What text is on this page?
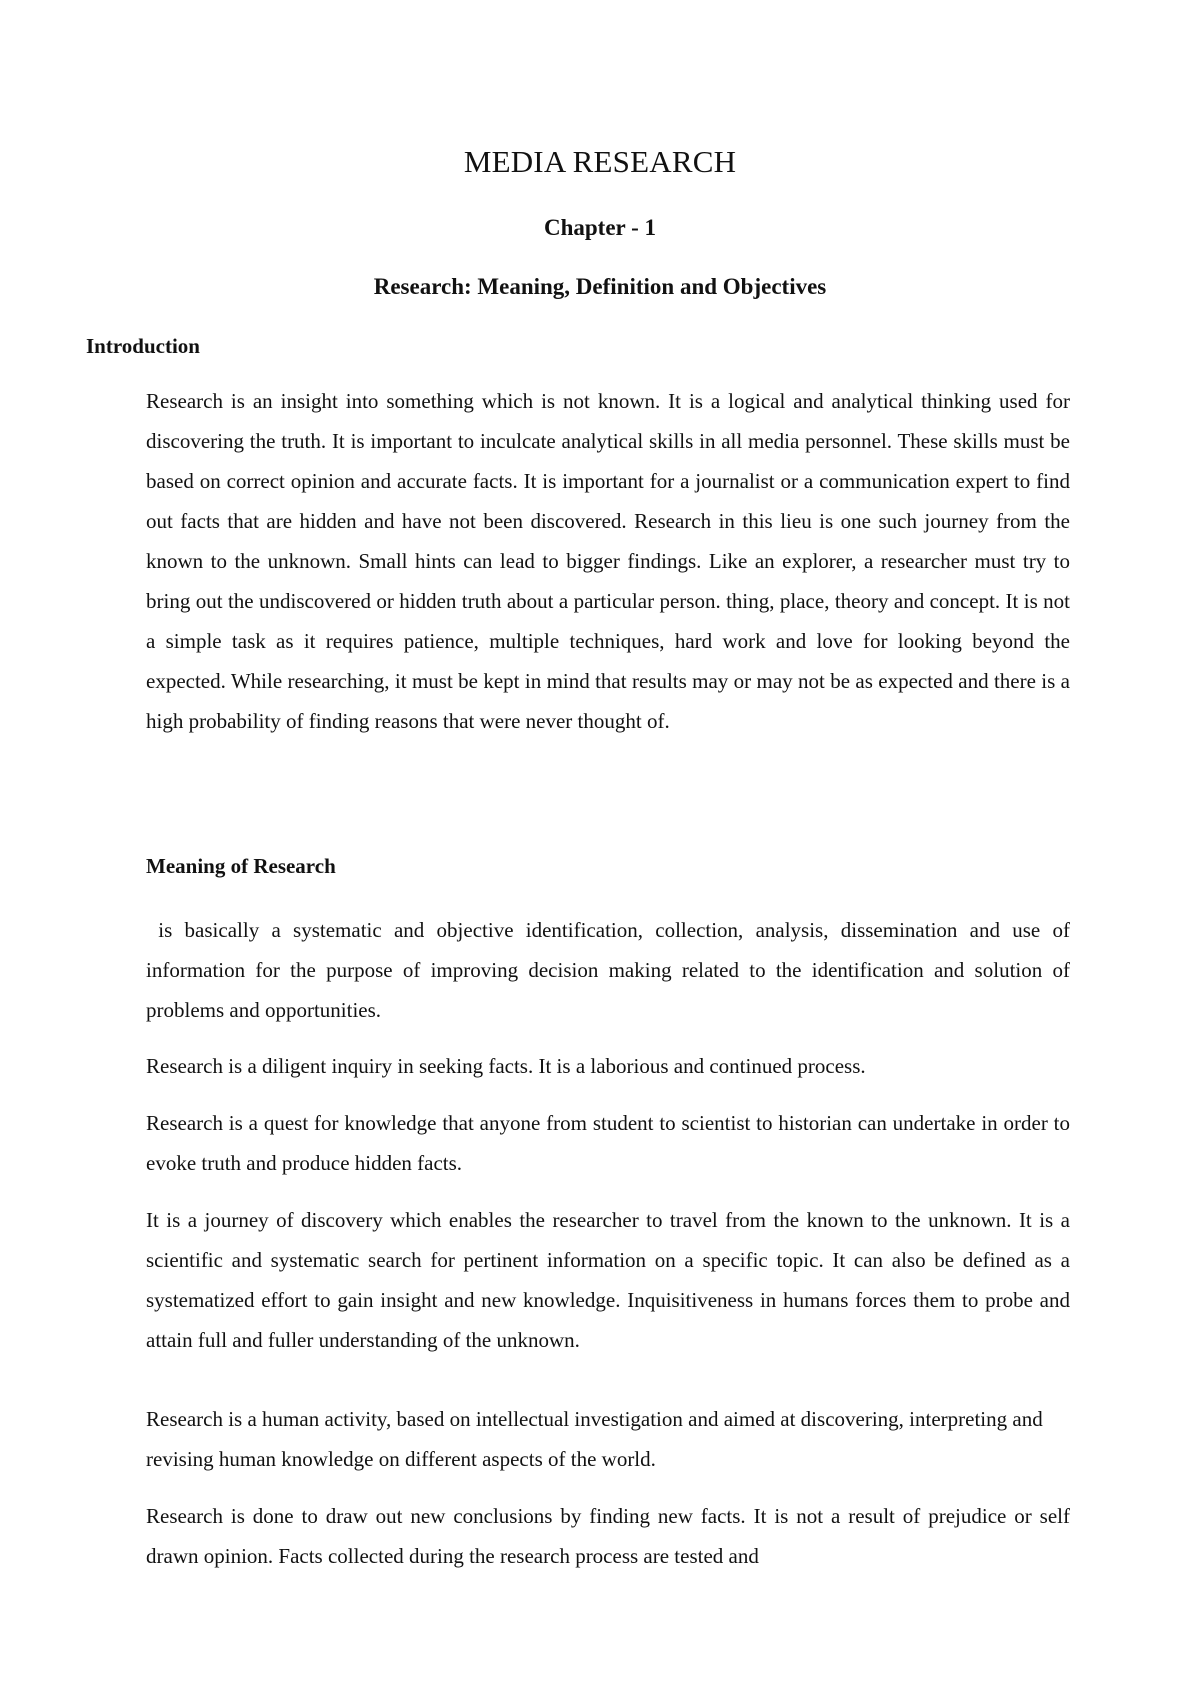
MEDIA RESEARCH
Chapter - 1
Research: Meaning, Definition and Objectives
Introduction

Research is an insight into something which is not known. It is a logical and analytical thinking used for discovering the truth. It is important to inculcate analytical skills in all media personnel. These skills must be based on correct opinion and accurate facts. It is important for a journalist or a communication expert to find out facts that are hidden and have not been discovered. Research in this lieu is one such journey from the known to the unknown. Small hints can lead to bigger findings. Like an explorer, a researcher must try to bring out the undiscovered or hidden truth about a particular person. thing, place, theory and concept. It is not a simple task as it requires patience, multiple techniques, hard work and love for looking beyond the expected. While researching, it must be kept in mind that results may or may not be as expected and there is a high probability of finding reasons that were never thought of.

Meaning of Research

is basically a systematic and objective identification, collection, analysis, dissemination and use of information for the purpose of improving decision making related to the identification and solution of problems and opportunities.

Research is a diligent inquiry in seeking facts. It is a laborious and continued process.

Research is a quest for knowledge that anyone from student to scientist to historian can undertake in order to evoke truth and produce hidden facts.

It is a journey of discovery which enables the researcher to travel from the known to the unknown. It is a scientific and systematic search for pertinent information on a specific topic. It can also be defined as a systematized effort to gain insight and new knowledge. Inquisitiveness in humans forces them to probe and attain full and fuller understanding of the unknown.

Research is a human activity, based on intellectual investigation and aimed at discovering, interpreting and revising human knowledge on different aspects of the world.

Research is done to draw out new conclusions by finding new facts. It is not a result of prejudice or self drawn opinion. Facts collected during the research process are tested and
